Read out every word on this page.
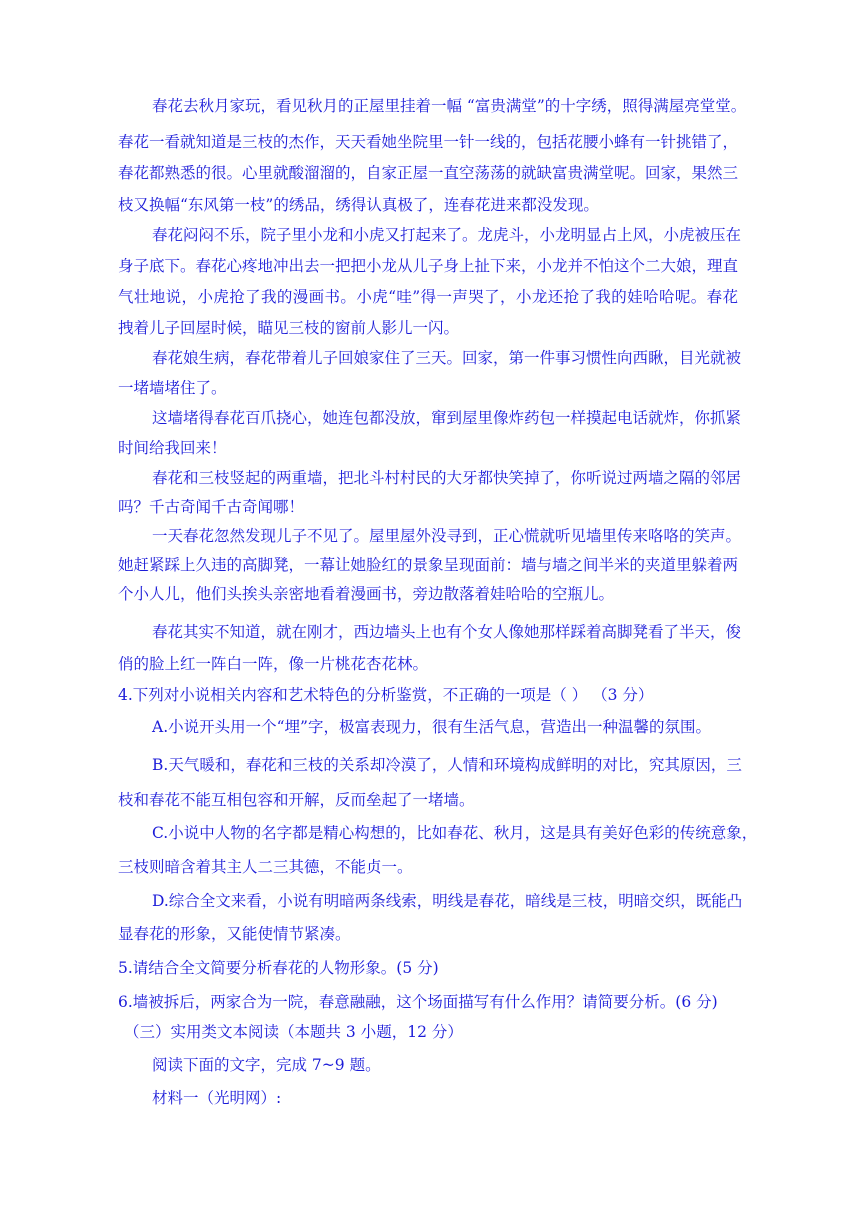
春花去秋月家玩，看见秋月的正屋里挂着一幅 “富贵满堂”的十字绣，照得满屋亮堂堂。
春花一看就知道是三枝的杰作，天天看她坐院里一针一线的，包括花腰小蜂有一针挑错了，
春花都熟悉的很。心里就酸溜溜的，自家正屋一直空荡荡的就缺富贵满堂呢。回家，果然三
枝又换幅“东风第一枝”的绣品，绣得认真极了，连春花进来都没发现。
春花闷闷不乐，院子里小龙和小虎又打起来了。龙虎斗，小龙明显占上风，小虎被压在
身子底下。春花心疼地冲出去一把把小龙从儿子身上扯下来，小龙并不怕这个二大娘，理直
气壮地说，小虎抢了我的漫画书。小虎“哇”得一声哭了，小龙还抢了我的娃哈哈呢。春花
拽着儿子回屋时候，瞄见三枝的窗前人影儿一闪。
春花娘生病，春花带着儿子回娘家住了三天。回家，第一件事习惯性向西瞅，目光就被
一堵墙堵住了。
这墙堵得春花百爪挠心，她连包都没放，窜到屋里像炸药包一样摸起电话就炸，你抓紧
时间给我回来！
春花和三枝竖起的两重墙，把北斗村村民的大牙都快笑掉了，你听说过两墙之隔的邻居
吗？千古奇闻千古奇闻哪！
一天春花忽然发现儿子不见了。屋里屋外没寻到，正心慌就听见墙里传来咯咯的笑声。
她赶紧踩上久违的高脚凳，一幕让她脸红的景象呈现面前：墙与墙之间半米的夹道里躲着两
个小人儿，他们头挨头亲密地看着漫画书，旁边散落着娃哈哈的空瓶儿。
春花其实不知道，就在刚才，西边墙头上也有个女人像她那样踩着高脚凳看了半天，俊
俏的脸上红一阵白一阵，像一片桃花杏花林。
4.下列对小说相关内容和艺术特色的分析鉴赏，不正确的一项是（ ） （3 分）
A.小说开头用一个“埋”字，极富表现力，很有生活气息，营造出一种温馨的氛围。
B.天气暖和，春花和三枝的关系却冷漠了，人情和环境构成鲜明的对比，究其原因，三
枝和春花不能互相包容和开解，反而垒起了一堵墙。
C.小说中人物的名字都是精心构想的，比如春花、秋月，这是具有美好色彩的传统意象，
三枝则暗含着其主人二三其德，不能贞一。
D.综合全文来看，小说有明暗两条线索，明线是春花，暗线是三枝，明暗交织，既能凸
显春花的形象，又能使情节紧凑。
5.请结合全文简要分析春花的人物形象。(5 分)
6.墙被拆后，两家合为一院，春意融融，这个场面描写有什么作用？请简要分析。(6 分)
（三）实用类文本阅读（本题共 3 小题，12 分）
阅读下面的文字，完成 7~9 题。
材料一（光明网）:
